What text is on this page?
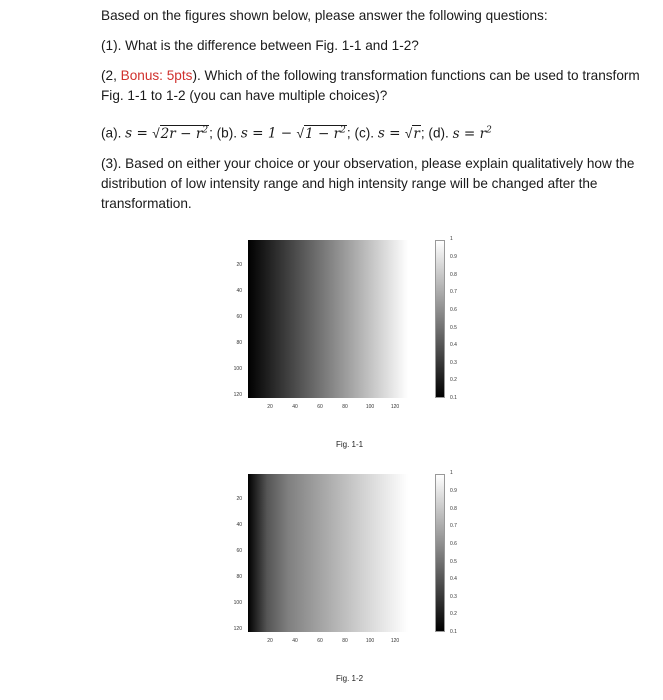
Based on the figures shown below, please answer the following questions:

(1). What is the difference between Fig. 1-1 and 1-2?

(2, Bonus: 5pts). Which of the following transformation functions can be used to transform Fig. 1-1 to 1-2 (you can have multiple choices)?

(a). $s = √2r - r^2$; (b). $s = 1 - √1 - r^2$; (c). s = √r; (d). $s = r^2$

(3). Based on either your choice or your observation, please explain qualitatively how the distribution of low intensity range and high intensity range will be changed after the transformation.

20
40
60
80
100
120
20	40	60	80	100	120
1
0.9
0.8
0.7
0.6
0.5
0.4
0.3
0.2
0.1
Fig. 1-1
20
40
60
80
100
120
20	40	60	80	100	120
1
0.9
0.8
0.7
0.6
0.5
0.4
0.3
0.2
0.1
Fig. 1-2
